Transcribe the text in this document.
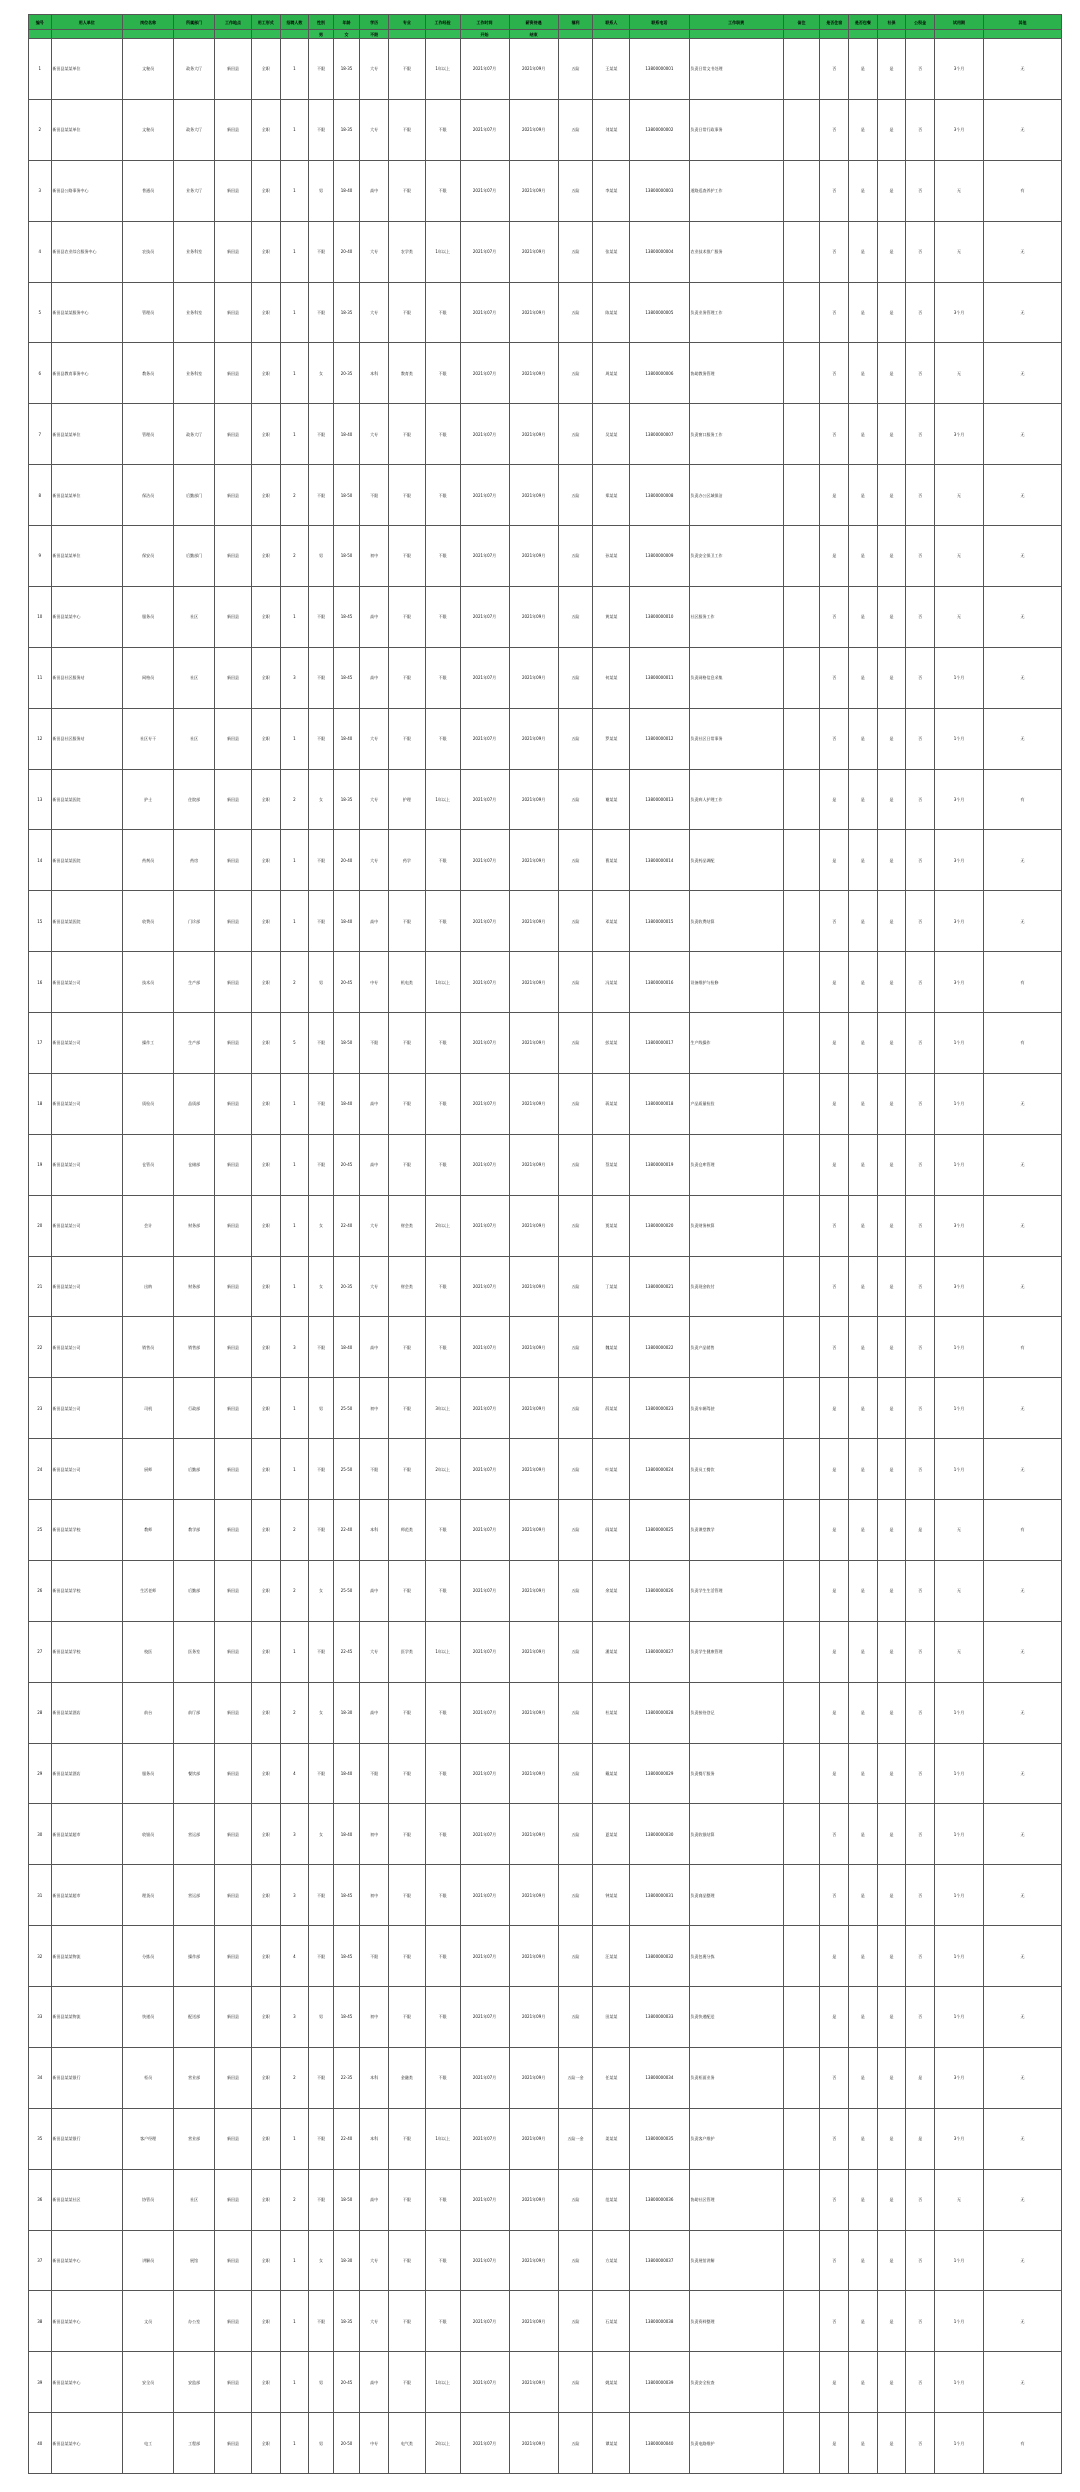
编号	用人单位	岗位名称	所属部门	工作地点	用工形式	招聘人数	性别	年龄	学历	专业	工作经验	工作时间	薪资待遇	福利	联系人	联系电话	工作职责	备注	是否住宿	是否包餐	社保	公积金	试用期	其他
							男	女	不限			开始	结束											
1	新田县某某单位	文秘员	政务大厅	新田县	全职	1	不限	18-35	大专	不限	1年以上	2021年07月	2021年09月	五险	王某某	13800000001	负责日常文书处理		否	是	是	否	3个月	无
2	新田县某某单位	文秘员	政务大厅	新田县	全职	1	不限	18-35	大专	不限	不限	2021年07月	2021年09月	五险	刘某某	13800000002	负责日常行政事务		否	是	是	否	3个月	无
3	新田县公路事务中心	普通员	业务大厅	新田县	全职	1	男	18-40	高中	不限	不限	2021年07月	2021年09月	五险	李某某	13800000003	道路巡查养护工作		否	是	是	否	无	有
4	新田县农业综合服务中心	农技员	业务科室	新田县	全职	1	不限	20-40	大专	农学类	1年以上	2021年07月	2021年09月	五险	张某某	13800000004	农业技术推广服务		否	是	是	否	无	无
5	新田县某某服务中心	管理员	业务科室	新田县	全职	1	不限	18-35	大专	不限	不限	2021年07月	2021年09月	五险	陈某某	13800000005	负责业务管理工作		否	是	是	否	3个月	无
6	新田县教育事务中心	教务员	业务科室	新田县	全职	1	女	20-35	本科	教育类	不限	2021年07月	2021年09月	五险	周某某	13800000006	协助教务管理		否	是	是	否	无	无
7	新田县某某单位	管理员	政务大厅	新田县	全职	1	不限	18-40	大专	不限	不限	2021年07月	2021年09月	五险	吴某某	13800000007	负责窗口服务工作		否	是	是	否	3个月	无
8	新田县某某单位	保洁员	后勤部门	新田县	全职	2	不限	18-50	不限	不限	不限	2021年07月	2021年09月	五险	郑某某	13800000008	负责办公区域保洁		是	是	是	否	无	无
9	新田县某某单位	保安员	后勤部门	新田县	全职	2	男	18-50	初中	不限	不限	2021年07月	2021年09月	五险	孙某某	13800000009	负责安全保卫工作		是	是	是	否	无	无
10	新田县某某中心	服务员	社区	新田县	全职	1	不限	18-45	高中	不限	不限	2021年07月	2021年09月	五险	黄某某	13800000010	社区服务工作		否	是	是	否	无	无
11	新田县社区服务站	网格员	社区	新田县	全职	3	不限	18-45	高中	不限	不限	2021年07月	2021年09月	五险	何某某	13800000011	负责网格信息采集		否	是	是	否	1个月	无
12	新田县社区服务站	社区专干	社区	新田县	全职	1	不限	18-40	大专	不限	不限	2021年07月	2021年09月	五险	罗某某	13800000012	负责社区日常事务		否	是	是	否	1个月	无
13	新田县某某医院	护士	住院部	新田县	全职	2	女	18-35	大专	护理	1年以上	2021年07月	2021年09月	五险	谢某某	13800000013	负责病人护理工作		是	是	是	否	3个月	有
14	新田县某某医院	药剂员	药房	新田县	全职	1	不限	20-40	大专	药学	不限	2021年07月	2021年09月	五险	曹某某	13800000014	负责药品调配		是	是	是	否	3个月	无
15	新田县某某医院	收费员	门诊部	新田县	全职	1	不限	18-40	高中	不限	不限	2021年07月	2021年09月	五险	邓某某	13800000015	负责收费结算		否	是	是	否	3个月	无
16	新田县某某公司	技术员	生产部	新田县	全职	2	男	20-45	中专	机电类	1年以上	2021年07月	2021年09月	五险	冯某某	13800000016	设备维护与检修		是	是	是	否	3个月	有
17	新田县某某公司	操作工	生产部	新田县	全职	5	不限	18-50	不限	不限	不限	2021年07月	2021年09月	五险	彭某某	13800000017	生产线操作		是	是	是	否	1个月	有
18	新田县某某公司	质检员	品质部	新田县	全职	1	不限	18-40	高中	不限	不限	2021年07月	2021年09月	五险	蒋某某	13800000018	产品质量检验		是	是	是	否	1个月	无
19	新田县某某公司	仓管员	仓储部	新田县	全职	1	不限	20-45	高中	不限	不限	2021年07月	2021年09月	五险	蔡某某	13800000019	负责仓库管理		是	是	是	否	1个月	无
20	新田县某某公司	会计	财务部	新田县	全职	1	女	22-40	大专	财会类	2年以上	2021年07月	2021年09月	五险	贾某某	13800000020	负责财务核算		否	是	是	否	3个月	无
21	新田县某某公司	出纳	财务部	新田县	全职	1	女	20-35	大专	财会类	不限	2021年07月	2021年09月	五险	丁某某	13800000021	负责现金收付		否	是	是	否	3个月	无
22	新田县某某公司	销售员	销售部	新田县	全职	3	不限	18-40	高中	不限	不限	2021年07月	2021年09月	五险	魏某某	13800000022	负责产品销售		否	是	是	否	1个月	有
23	新田县某某公司	司机	行政部	新田县	全职	1	男	25-50	初中	不限	3年以上	2021年07月	2021年09月	五险	薛某某	13800000023	负责车辆驾驶		是	是	是	否	1个月	无
24	新田县某某公司	厨师	后勤部	新田县	全职	1	不限	25-50	不限	不限	2年以上	2021年07月	2021年09月	五险	叶某某	13800000024	负责员工餐饮		是	是	是	否	1个月	无
25	新田县某某学校	教师	教学部	新田县	全职	2	不限	22-40	本科	师范类	不限	2021年07月	2021年09月	五险	阎某某	13800000025	负责课堂教学		是	是	是	是	无	有
26	新田县某某学校	生活老师	后勤部	新田县	全职	2	女	25-50	高中	不限	不限	2021年07月	2021年09月	五险	余某某	13800000026	负责学生生活管理		是	是	是	否	无	无
27	新田县某某学校	校医	医务室	新田县	全职	1	不限	22-45	大专	医学类	1年以上	2021年07月	2021年09月	五险	潘某某	13800000027	负责学生健康管理		是	是	是	否	无	无
28	新田县某某酒店	前台	前厅部	新田县	全职	2	女	18-30	高中	不限	不限	2021年07月	2021年09月	五险	杜某某	13800000028	负责接待登记		是	是	是	否	1个月	无
29	新田县某某酒店	服务员	餐饮部	新田县	全职	4	不限	18-40	不限	不限	不限	2021年07月	2021年09月	五险	戴某某	13800000029	负责餐厅服务		是	是	是	否	1个月	无
30	新田县某某超市	收银员	营运部	新田县	全职	3	女	18-40	初中	不限	不限	2021年07月	2021年09月	五险	夏某某	13800000030	负责收银结算		否	是	是	否	1个月	无
31	新田县某某超市	理货员	营运部	新田县	全职	3	不限	18-45	初中	不限	不限	2021年07月	2021年09月	五险	钟某某	13800000031	负责商品整理		否	是	是	否	1个月	无
32	新田县某某物流	分拣员	操作部	新田县	全职	4	不限	18-45	不限	不限	不限	2021年07月	2021年09月	五险	汪某某	13800000032	负责包裹分拣		是	是	是	否	1个月	无
33	新田县某某物流	快递员	配送部	新田县	全职	3	男	18-45	初中	不限	不限	2021年07月	2021年09月	五险	田某某	13800000033	负责快递配送		是	是	是	否	1个月	无
34	新田县某某银行	柜员	营业部	新田县	全职	2	不限	22-35	本科	金融类	不限	2021年07月	2021年09月	五险一金	任某某	13800000034	负责柜面业务		否	是	是	是	3个月	无
35	新田县某某银行	客户经理	营业部	新田县	全职	1	不限	22-40	本科	不限	1年以上	2021年07月	2021年09月	五险一金	姜某某	13800000035	负责客户维护		否	是	是	是	3个月	无
36	新田县某某社区	协管员	社区	新田县	全职	2	不限	18-50	高中	不限	不限	2021年07月	2021年09月	五险	范某某	13800000036	协助社区管理		否	是	是	否	无	无
37	新田县某某中心	讲解员	展馆	新田县	全职	1	女	18-30	大专	不限	不限	2021年07月	2021年09月	五险	方某某	13800000037	负责展馆讲解		否	是	是	否	1个月	无
38	新田县某某中心	文员	办公室	新田县	全职	1	不限	18-35	大专	不限	不限	2021年07月	2021年09月	五险	石某某	13800000038	负责资料整理		否	是	是	否	1个月	无
39	新田县某某中心	安全员	安监部	新田县	全职	1	男	20-45	高中	不限	1年以上	2021年07月	2021年09月	五险	姚某某	13800000039	负责安全检查		是	是	是	否	1个月	无
40	新田县某某中心	电工	工程部	新田县	全职	1	男	20-50	中专	电气类	2年以上	2021年07月	2021年09月	五险	谭某某	13800000040	负责电路维护		是	是	是	否	1个月	有
